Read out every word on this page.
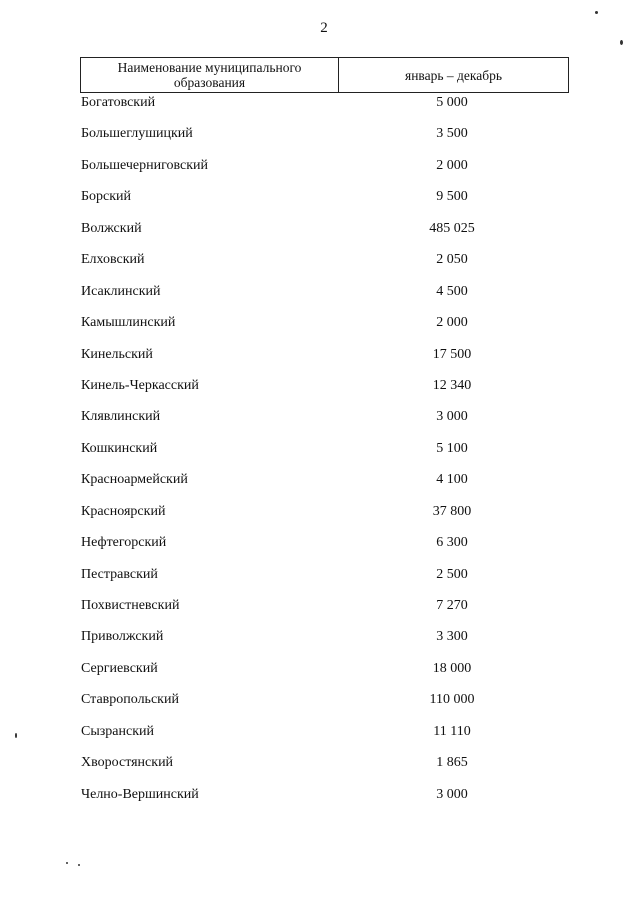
2
Наименование муниципального
образования	январь – декабрь
Богатовский	5 000
Большеглушицкий	3 500
Большечерниговский	2 000
Борский	9 500
Волжский	485 025
Елховский	2 050
Исаклинский	4 500
Камышлинский	2 000
Кинельский	17 500
Кинель-Черкасский	12 340
Клявлинский	3 000
Кошкинский	5 100
Красноармейский	4 100
Красноярский	37 800
Нефтегорский	6 300
Пестравский	2 500
Похвистневский	7 270
Приволжский	3 300
Сергиевский	18 000
Ставропольский	110 000
Сызранский	11 110
Хворостянский	1 865
Челно-Вершинский	3 000
